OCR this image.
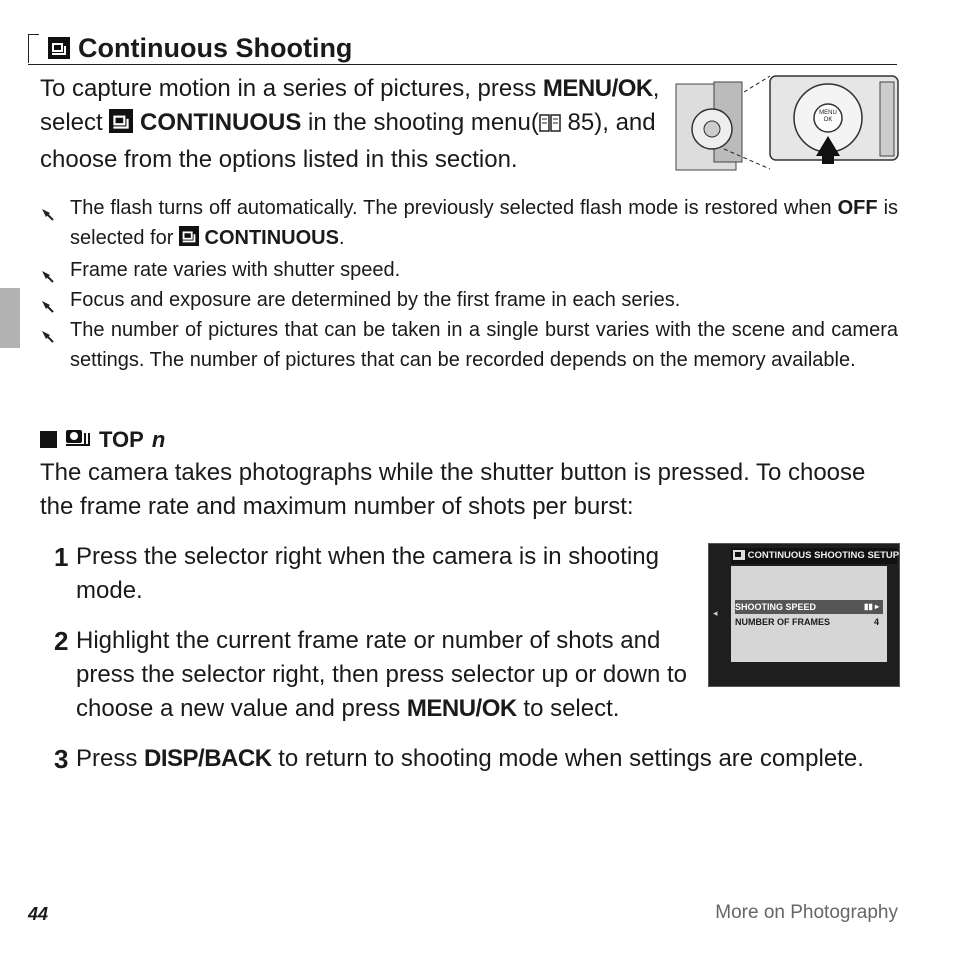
Continuous Shooting
To capture motion in a series of pictures, press MENU/OK, select  CONTINUOUS in the shooting menu( 85), and choose from the options listed in this section.
MENU OK
The flash turns off automatically. The previously selected flash mode is restored when OFF is selected for  CONTINUOUS.
Frame rate varies with shutter speed.
Focus and exposure are determined by the first frame in each series.
The number of pictures that can be taken in a single burst varies with the scene and camera settings. The number of pictures that can be recorded depends on the memory available.
TOP n
The camera takes photographs while the shutter button is pressed. To choose the frame rate and maximum number of shots per burst:
1 Press the selector right when the camera is in shooting mode.
2 Highlight the current frame rate or number of shots and press the selector right, then press selector up or down to choose a new value and press MENU/OK to select.
3 Press DISP/BACK to return to shooting mode when settings are complete.
CONTINUOUS SHOOTING SETUP
◂
SHOOTING SPEED	▮▮ ▸
NUMBER OF FRAMES	4
44	More on Photography
